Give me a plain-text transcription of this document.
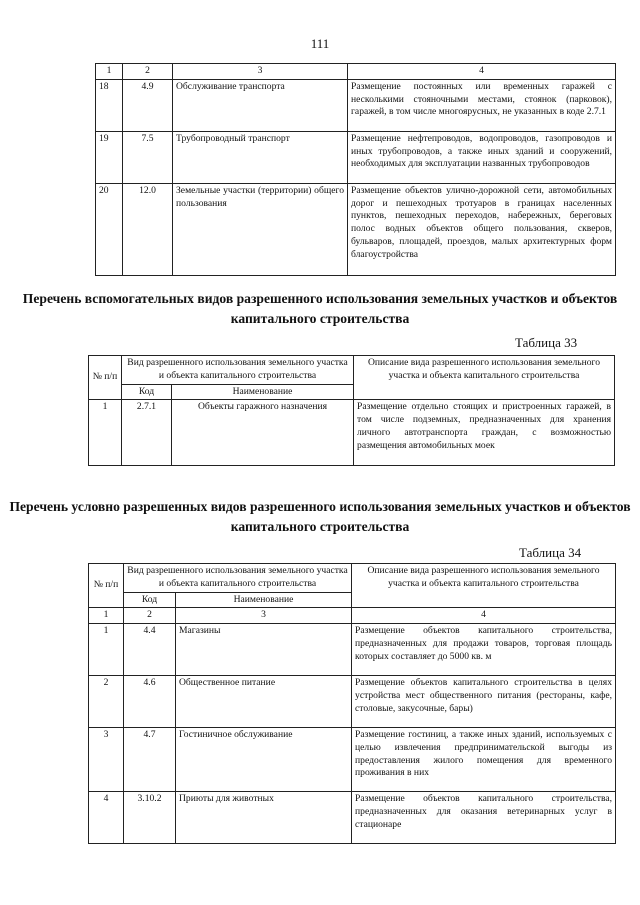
111
1	2	3	4
18	4.9	Обслуживание транспорта	Размещение постоянных или временных гаражей с несколькими стояночными местами, стоянок (парковок), гаражей, в том числе многоярусных, не указанных в коде 2.7.1
19	7.5	Трубопроводный транспорт	Размещение нефтепроводов, водопроводов, газопроводов и иных трубопроводов, а также иных зданий и сооружений, необходимых для эксплуатации названных трубопроводов
20	12.0	Земельные участки (территории) общего пользования	Размещение объектов улично-дорожной сети, автомобильных дорог и пешеходных тротуаров в границах населенных пунктов, пешеходных переходов, набережных, береговых полос водных объектов общего пользования, скверов, бульваров, площадей, проездов, малых архитектурных форм благоустройства
Перечень вспомогательных видов разрешенного использования земельных участков и объектов капитального строительства
Таблица 33
№ п/п	Вид разрешенного использования земельного участка и объекта капитального строительства		Описание вида разрешенного использования земельного участка и объекта капитального строительства
	Код	Наименование	
1	2.7.1	Объекты гаражного назначения	Размещение отдельно стоящих и пристроенных гаражей, в том числе подземных, предназначенных для хранения личного автотранспорта граждан, с возможностью размещения автомобильных моек
Перечень условно разрешенных видов разрешенного использования земельных участков и объектов капитального строительства
Таблица 34
№ п/п	Вид разрешенного использования земельного участка и объекта капитального строительства		Описание вида разрешенного использования земельного участка и объекта капитального строительства
	Код	Наименование	
1	2	3	4
1	4.4	Магазины	Размещение объектов капитального строительства, предназначенных для продажи товаров, торговая площадь которых составляет до 5000 кв. м
2	4.6	Общественное питание	Размещение объектов капитального строительства в целях устройства мест общественного питания (рестораны, кафе, столовые, закусочные, бары)
3	4.7	Гостиничное обслуживание	Размещение гостиниц, а также иных зданий, используемых с целью извлечения предпринимательской выгоды из предоставления жилого помещения для временного проживания в них
4	3.10.2	Приюты для животных	Размещение объектов капитального строительства, предназначенных для оказания ветеринарных услуг в стационаре
